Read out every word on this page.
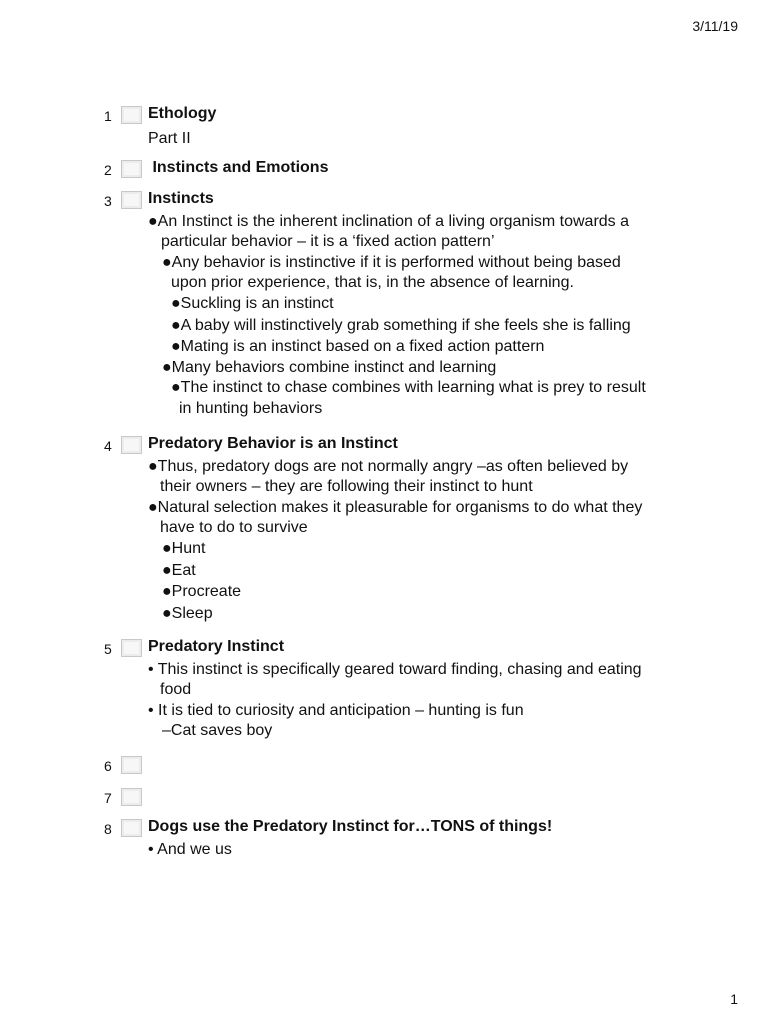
3/11/19
1	Ethology
Part II
2	Instincts and Emotions
3	Instincts
●An Instinct is the inherent inclination of a living organism towards a
particular behavior – it is a ‘fixed action pattern’
●Any behavior is instinctive if it is performed without being based
upon prior experience, that is, in the absence of learning.
●Suckling is an instinct
●A baby will instinctively grab something if she feels she is falling
●Mating is an instinct based on a fixed action pattern
●Many behaviors combine instinct and learning
●The instinct to chase combines with learning what is prey to result
in hunting behaviors
4	Predatory Behavior is an Instinct
●Thus, predatory dogs are not normally angry –as often believed by
their owners – they are following their instinct to hunt
●Natural selection makes it pleasurable for organisms to do what they
have to do to survive
●Hunt
●Eat
●Procreate
●Sleep
5	Predatory Instinct
• This instinct is specifically geared toward finding, chasing and eating
food
• It is tied to curiosity and anticipation – hunting is fun
–Cat saves boy
6
7
8	Dogs use the Predatory Instinct for…TONS of things!
• And we us
1
